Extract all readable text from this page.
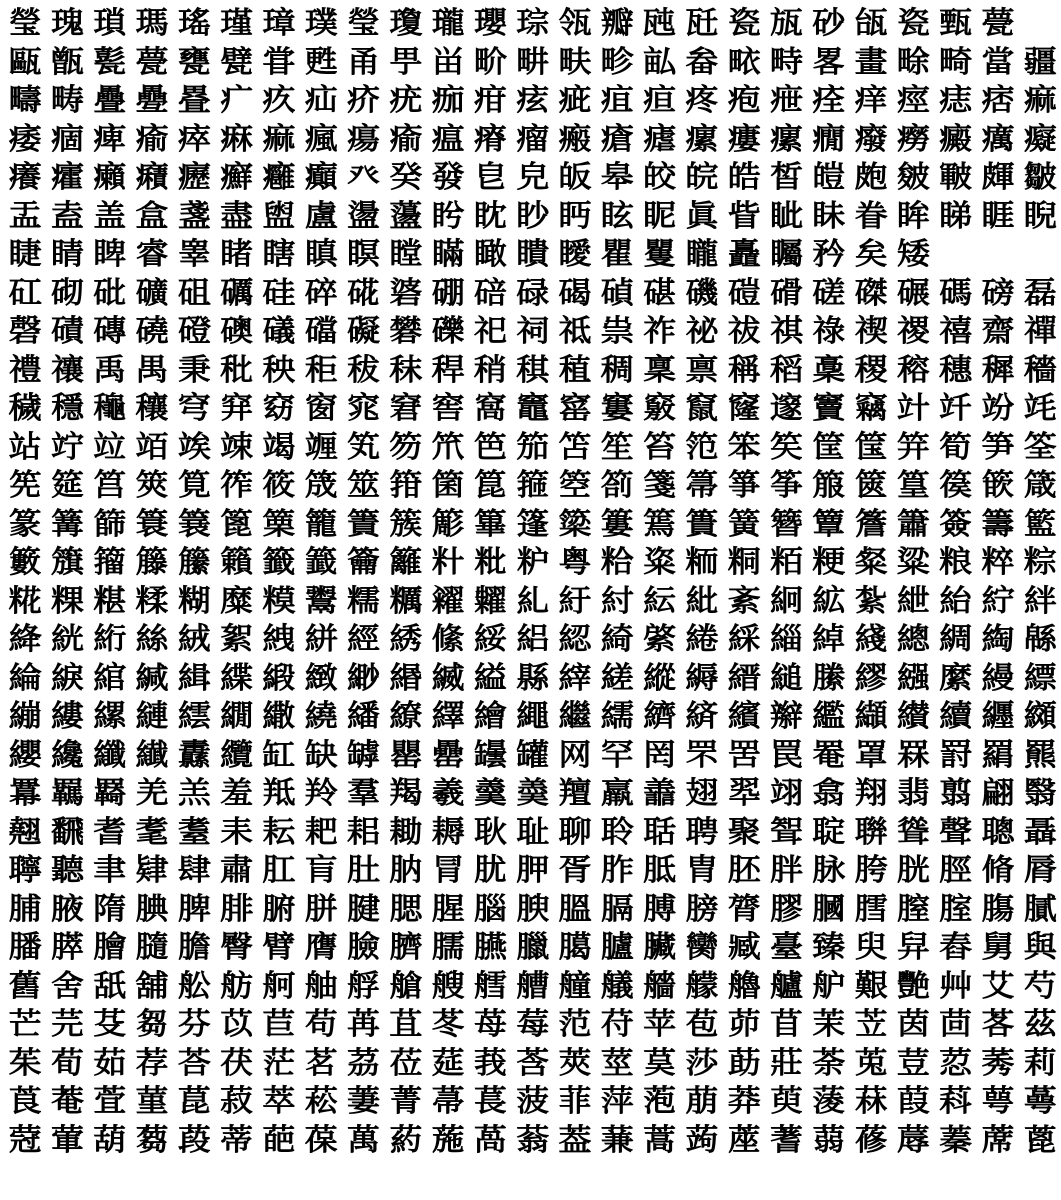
瑩 瑰 瑣 瑪 瑤 瑾 璋 璞 瑩 瓊 瓏 瓔 琮 瓴 瓣 瓲 瓩 瓷 瓬 砂 瓵 瓷 甄 甍
甌 甑 甏 甍 甕 甓 甞 甦 甬 甼 畄 畍 畊 畉 畛 畆 畚 畩 畤 畧 畫 畭 畸 當 疆
疇 畴 疊 疉 疂 疒 疚 疝 疥 疣 痂 疳 痃 疵 疽 疸 疼 疱 疶 痊 痒 痙 痣 痞 痲
痿 痼 痺 瘉 瘁 痳 痲 瘋 瘍 瘉 瘟 瘠 瘤 瘢 瘡 瘧 瘰 瘻 瘰 癇 癈 癆 癜 癘 癡
癢 癨 癩 癪 癧 癬 癰 癲 癶 癸 發 皀 皃 皈 皋 皎 皖 皓 皙 皚 皰 皴 皸 皹 皺
盂 盍 盖 盒 盞 盡 盥 盧 盪 蘯 盻 眈 眇 眄 眩 眤 眞 眥 眦 眛 眷 眸 睇 睚 睨
睫 睛 睥 睿 睾 睹 瞎 瞋 瞑 瞠 瞞 瞰 瞶 瞹 瞿 矍 矓 矗 矚 矜 矣 矮
矼 砌 砒 礦 砠 礪 硅 碎 硴 碆 硼 碚 碌 碣 碵 碪 磯 磑 磆 磋 磔 碾 碼 磅 磊
磬 磧 磚 磽 磴 礇 礒 礑 礙 礬 礫 祀 祠 祗 祟 祚 祕 祓 祺 祿 禊 禝 禧 齋 禪
禮 禳 禹 禺 秉 秕 秧 秬 秡 秣 稈 稍 稘 稙 稠 稟 禀 稱 稻 稾 稷 穃 穗 穉 穡
穢 穩 龝 穰 穹 穽 窈 窗 窕 窘 窖 窩 竈 窰 窶 竅 竄 窿 邃 竇 竊 竍 竏 竕 竓
站 竚 竝 竡 竢 竦 竭 竰 笂 笏 笊 笆 笳 笘 笙 笞 笵 笨 笶 筐 筺 笄 筍 笋 筌
筅 筵 筥 筴 筧 筰 筱 筬 筮 箝 箘 箟 箍 箜 箚 箋 箒 箏 筝 箙 篋 篁 篌 篏 箴
篆 篝 篩 簑 簔 篦 篥 籠 簀 簇 簓 篳 篷 簗 簍 篶 簣 簧 簪 簟 簷 簫 簽 籌 籃
籔 籏 籀 籐 籘 籟 籤 籖 籥 籬 籵 粃 粐 粤 粭 粢 粫 粡 粨 粳 粲 粱 粮 粹 粽
糀 粿 糂 糅 糊 糜 糢 鬻 糯 糲 糴 糶 糺 紆 紂 紜 紕 紊 絅 絋 紮 紲 紿 紵 絆
絳 絖 絎 絲 絨 絮 絏 絣 經 綉 絛 綏 絽 綛 綺 綮 綣 綵 緇 綽 綫 總 綢 綯 緜
綸 綟 綰 緘 緝 緤 緞 緻 緲 緡 縅 縊 縣 縡 縒 縱 縟 縉 縋 縢 繆 繦 縻 縵 縹
繃 縷 縲 縺 繧 繝 繖 繞 繙 繚 繹 繪 繩 繼 繻 纃 緕 繽 辮 繿 纈 纉 續 纒 纐
纓 纔 纖 纎 纛 纜 缸 缺 罅 罌 罍 罎 罐 网 罕 罔 罘 罟 罠 罨 罩 罧 罸 羂 羆
羃 羈 羇 羌 羔 羞 羝 羚 羣 羯 羲 羹 羮 羶 羸 譱 翅 翆 翊 翕 翔 翡 翦 翩 翳
翹 飜 耆 耄 耋 耒 耘 耙 耜 耡 耨 耿 耻 聊 聆 聒 聘 聚 聟 聢 聨 聳 聲 聰 聶
聹 聽 聿 肄 肆 肅 肛 肓 肚 肭 冐 肬 胛 胥 胙 胝 胄 胚 胖 脉 胯 胱 脛 脩 脣
脯 腋 隋 腆 脾 腓 腑 胼 腱 腮 腥 腦 腴 膃 膈 膊 膀 膂 膠 膕 膤 膣 腟 膓 膩
膰 膵 膾 膸 膽 臀 臂 膺 臉 臍 臑 臙 臘 臈 臚 臟 臠 臧 臺 臻 臾 舁 舂 舅 與
舊 舍 舐 舖 舩 舫 舸 舳 艀 艙 艘 艝 艚 艟 艤 艢 艨 艪 艫 舮 艱 艷 艸 艾 芍
芒 芫 芟 芻 芬 苡 苣 苟 苒 苴 苳 苺 莓 范 苻 苹 苞 茆 苜 茉 苙 茵 茴 茖 茲
茱 荀 茹 荐 荅 茯 茫 茗 茘 莅 莚 莪 莟 莢 莖 茣 莎 莇 莊 荼 莵 荳 荵 莠 莉
莨 菴 萓 菫 菎 菽 萃 菘 萋 菁 菷 萇 菠 菲 萍 萢 萠 莽 萸 蔆 菻 葭 萪 萼 蕚
蒄 葷 葫 蒭 葮 蒂 葩 葆 萬 葯 葹 萵 蓊 葢 蒹 蒿 蒟 蓙 蓍 蒻 蓚 蓐 蓁 蓆 蓖
